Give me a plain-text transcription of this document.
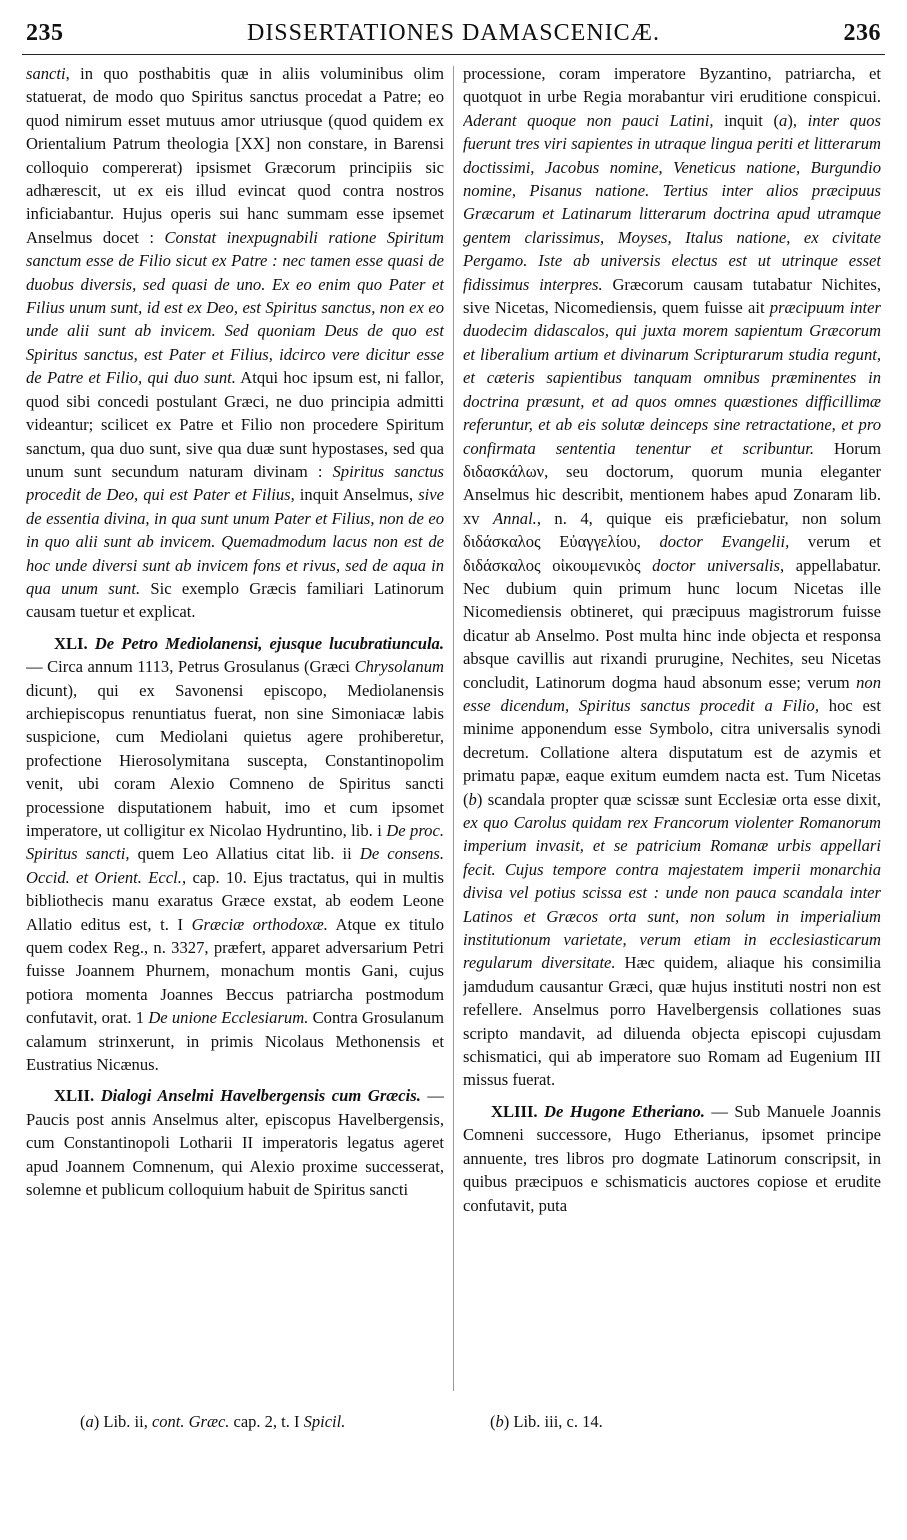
235	DISSERTATIONES DAMASCENICÆ.	236

sancti, in quo posthabitis quæ in aliis voluminibus olim statuerat, de modo quo Spiritus sanctus procedat a Patre; eo quod nimirum esset mutuus amor utriusque (quod quidem ex Orientalium Patrum theologia [XX] non constare, in Barensi colloquio compererat) ipsismet Græcorum principiis sic adhærescit, ut ex eis illud evincat quod contra nostros inficiabantur. Hujus operis sui hanc summam esse ipsemet Anselmus docet : Constat inexpugnabili ratione Spiritum sanctum esse de Filio sicut ex Patre : nec tamen esse quasi de duobus diversis, sed quasi de uno. Ex eo enim quo Pater et Filius unum sunt, id est ex Deo, est Spiritus sanctus, non ex eo unde alii sunt ab invicem. Sed quoniam Deus de quo est Spiritus sanctus, est Pater et Filius, idcirco vere dicitur esse de Patre et Filio, qui duo sunt. Atqui hoc ipsum est, ni fallor, quod sibi concedi postulant Græci, ne duo principia admitti videantur; scilicet ex Patre et Filio non procedere Spiritum sanctum, qua duo sunt, sive qua duæ sunt hypostases, sed qua unum sunt secundum naturam divinam : Spiritus sanctus procedit de Deo, qui est Pater et Filius, inquit Anselmus, sive de essentia divina, in qua sunt unum Pater et Filius, non de eo in quo alii sunt ab invicem. Quemadmodum lacus non est de hoc unde diversi sunt ab invicem fons et rivus, sed de aqua in qua unum sunt. Sic exemplo Græcis familiari Latinorum causam tuetur et explicat.

XLI. De Petro Mediolanensi, ejusque lucubratiuncula. — Circa annum 1113, Petrus Grosulanus (Græci Chrysolanum dicunt), qui ex Savonensi episcopo, Mediolanensis archiepiscopus renuntiatus fuerat, non sine Simoniacæ labis suspicione, cum Mediolani quietus agere prohiberetur, profectione Hierosolymitana suscepta, Constantinopolim venit, ubi coram Alexio Comneno de Spiritus sancti processione disputationem habuit, imo et cum ipsomet imperatore, ut colligitur ex Nicolao Hydruntino, lib. i De proc. Spiritus sancti, quem Leo Allatius citat lib. ii De consens. Occid. et Orient. Eccl., cap. 10. Ejus tractatus, qui in multis bibliothecis manu exaratus Græce exstat, ab eodem Leone Allatio editus est, t. I Græciæ orthodoxæ. Atque ex titulo quem codex Reg., n. 3327, præfert, apparet adversarium Petri fuisse Joannem Phurnem, monachum montis Gani, cujus potiora momenta Joannes Beccus patriarcha postmodum confutavit, orat. 1 De unione Ecclesiarum. Contra Grosulanum calamum strinxerunt, in primis Nicolaus Methonensis et Eustratius Nicænus.

XLII. Dialogi Anselmi Havelbergensis cum Græcis. — Paucis post annis Anselmus alter, episcopus Havelbergensis, cum Constantinopoli Lotharii II imperatoris legatus ageret apud Joannem Comnenum, qui Alexio proxime successerat, solemne et publicum colloquium habuit de Spiritus sancti

processione, coram imperatore Byzantino, patriarcha, et quotquot in urbe Regia morabantur viri eruditione conspicui. Aderant quoque non pauci Latini, inquit (a), inter quos fuerunt tres viri sapientes in utraque lingua periti et litterarum doctissimi, Jacobus nomine, Veneticus natione, Burgundio nomine, Pisanus natione. Tertius inter alios præcipuus Græcarum et Latinarum litterarum doctrina apud utramque gentem clarissimus, Moyses, Italus natione, ex civitate Pergamo. Iste ab universis electus est ut utrinque esset fidissimus interpres. Græcorum causam tutabatur Nichites, sive Nicetas, Nicomediensis, quem fuisse ait præcipuum inter duodecim didascalos, qui juxta morem sapientum Græcorum et liberalium artium et divinarum Scripturarum studia regunt, et cæteris sapientibus tanquam omnibus præminentes in doctrina præsunt, et ad quos omnes quæstiones difficillimæ referuntur, et ab eis solutæ deinceps sine retractatione, et pro confirmata sententia tenentur et scribuntur. Horum διδασκάλων, seu doctorum, quorum munia eleganter Anselmus hic describit, mentionem habes apud Zonaram lib. xv Annal., n. 4, quique eis præficiebatur, non solum διδάσκαλος Εὐαγγελίου, doctor Evangelii, verum et διδάσκαλος οἰκουμενικὸς doctor universalis, appellabatur. Nec dubium quin primum hunc locum Nicetas ille Nicomediensis obtineret, qui præcipuus magistrorum fuisse dicatur ab Anselmo. Post multa hinc inde objecta et responsa absque cavillis aut rixandi prurugine, Nechites, seu Nicetas concludit, Latinorum dogma haud absonum esse; verum non esse dicendum, Spiritus sanctus procedit a Filio, hoc est minime apponendum esse Symbolo, citra universalis synodi decretum. Collatione altera disputatum est de azymis et primatu papæ, eaque exitum eumdem nacta est. Tum Nicetas (b) scandala propter quæ scissæ sunt Ecclesiæ orta esse dixit, ex quo Carolus quidam rex Francorum violenter Romanorum imperium invasit, et se patricium Romanæ urbis appellari fecit. Cujus tempore contra majestatem imperii monarchia divisa vel potius scissa est : unde non pauca scandala inter Latinos et Græcos orta sunt, non solum in imperialium institutionum varietate, verum etiam in ecclesiasticarum regularum diversitate. Hæc quidem, aliaque his consimilia jamdudum causantur Græci, quæ hujus instituti nostri non est refellere. Anselmus porro Havelbergensis collationes suas scripto mandavit, ad diluenda objecta episcopi cujusdam schismatici, qui ab imperatore suo Romam ad Eugenium III missus fuerat.

XLIII. De Hugone Etheriano. — Sub Manuele Joannis Comneni successore, Hugo Etherianus, ipsomet principe annuente, tres libros pro dogmate Latinorum conscripsit, in quibus præcipuos e schismaticis auctores copiose et erudite confutavit, puta

(a) Lib. ii, cont. Græc. cap. 2, t. I Spicil.	(b) Lib. iii, c. 14.
